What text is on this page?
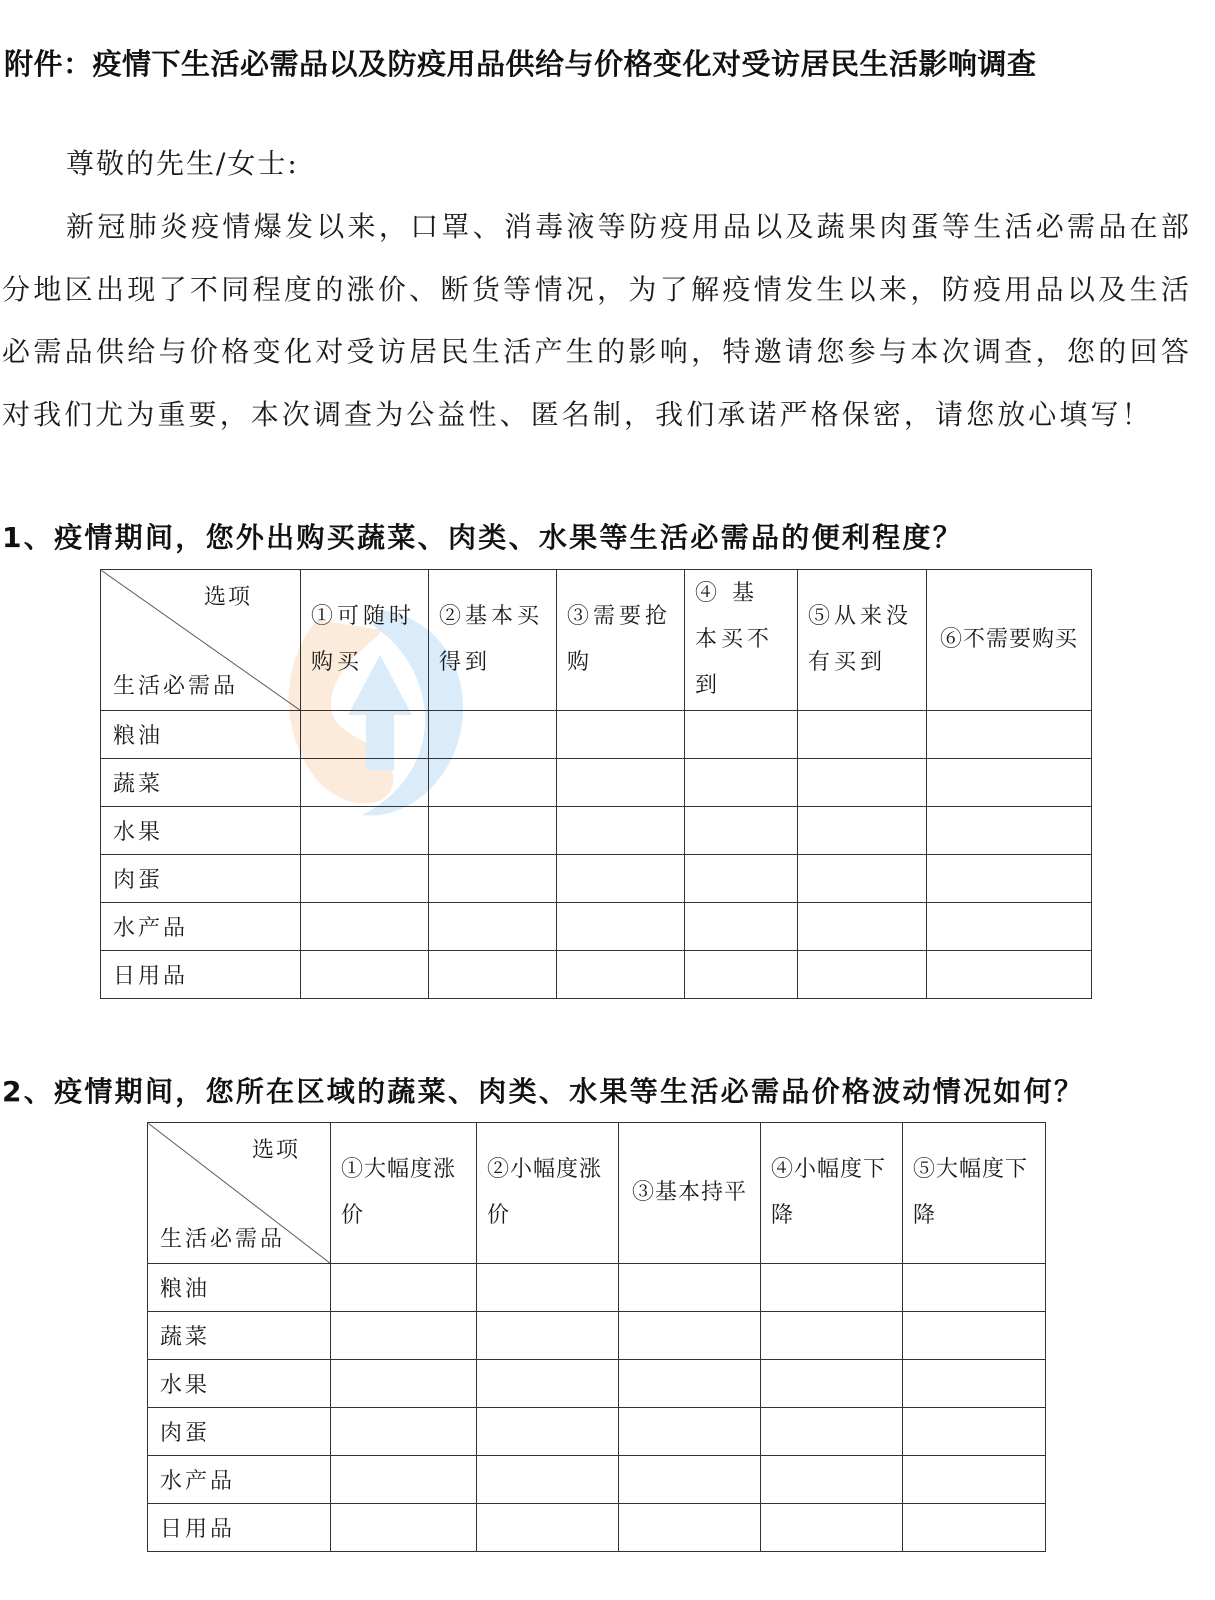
附件：疫情下生活必需品以及防疫用品供给与价格变化对受访居民生活影响调查
尊敬的先生/女士:

新冠肺炎疫情爆发以来，口罩、消毒液等防疫用品以及蔬果肉蛋等生活必需品在部分地区出现了不同程度的涨价、断货等情况，为了解疫情发生以来，防疫用品以及生活必需品供给与价格变化对受访居民生活产生的影响，特邀请您参与本次调查，您的回答对我们尤为重要，本次调查为公益性、匿名制，我们承诺严格保密，请您放心填写！

1、疫情期间，您外出购买蔬菜、肉类、水果等生活必需品的便利程度？
选项
生活必需品	①可随时购买	②基本买得到	③需要抢购	④ 基 本买不到	⑤从来没有买到	⑥不需要购买
粮油						
蔬菜						
水果						
肉蛋						
水产品						
日用品						
2、疫情期间，您所在区域的蔬菜、肉类、水果等生活必需品价格波动情况如何？
选项
生活必需品	①大幅度涨价	②小幅度涨价	③基本持平	④小幅度下降	⑤大幅度下降
粮油					
蔬菜					
水果					
肉蛋					
水产品					
日用品					
